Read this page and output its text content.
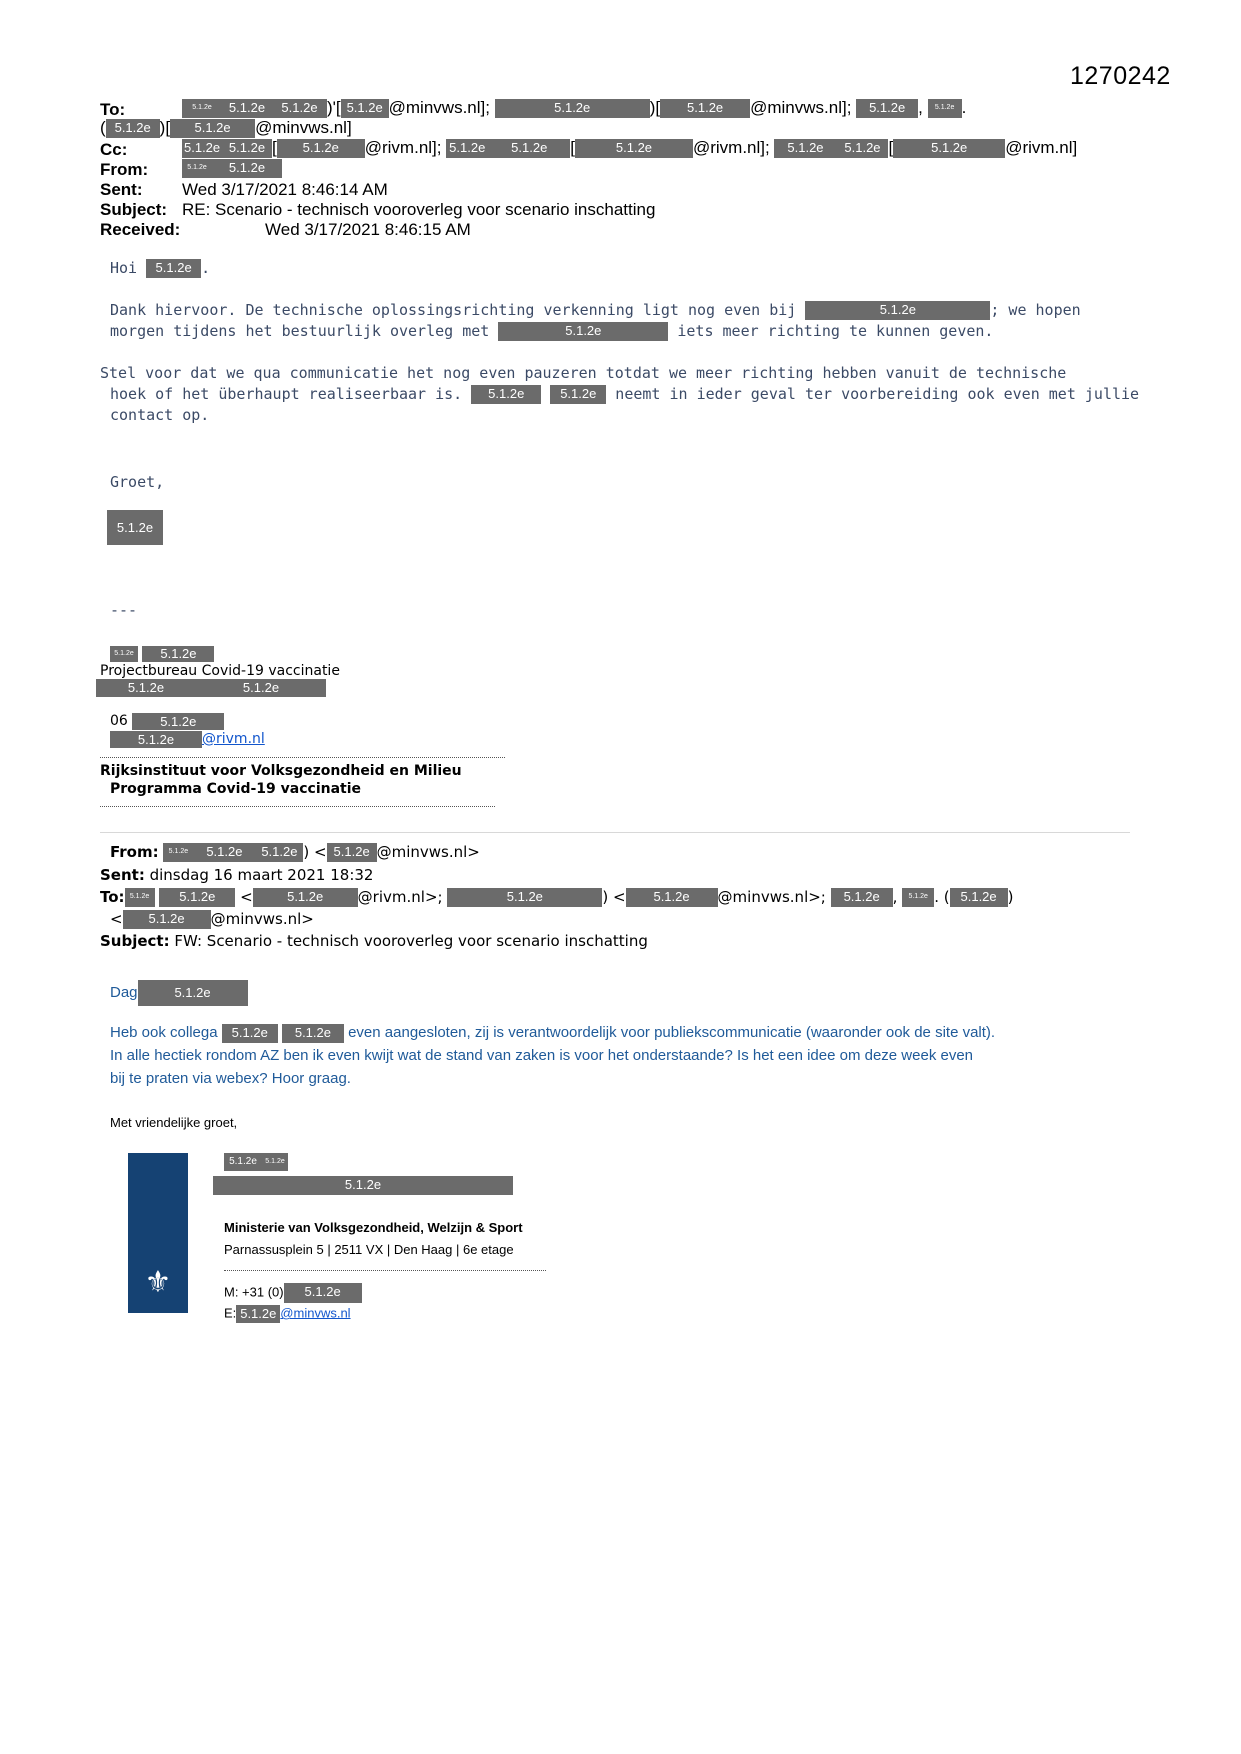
1270242
To:	5.1.2e 5.1.2e 5.1.2e )'[ 5.1.2e @minvws.nl];	5.1.2e	)[ 5.1.2e @minvws.nl]; 5.1.2e , 5.1.2e .
( 5.1.2e )[ 5.1.2e @minvws.nl]
Cc:	5.1.2e 5.1.2e [ 5.1.2e @rivm.nl]; 5.1.2e 5.1.2e [	5.1.2e @rivm.nl]; 5.1.2e 5.1.2e [	5.1.2e @rivm.nl]
From:	5.1.2e 5.1.2e
Sent: Wed 3/17/2021 8:46:14 AM
Subject: RE: Scenario - technisch vooroverleg voor scenario inschatting
Received:	Wed 3/17/2021 8:46:15 AM
Hoi 5.1.2e .
Dank hiervoor. De technische oplossingsrichting verkenning ligt nog even bij	5.1.2e	; we hopen
morgen tijdens het bestuurlijk overleg met	5.1.2e	iets meer richting te kunnen geven.
Stel voor dat we qua communicatie het nog even pauzeren totdat we meer richting hebben vanuit de technische
hoek of het überhaupt realiseerbaar is. 5.1.2e	5.1.2e neemt in ieder geval ter voorbereiding ook even met jullie
contact op.
Groet,
5.1.2e
---
5.1.2e 5.1.2e
Projectbureau Covid-19 vaccinatie
5.1.2e	5.1.2e
06 5.1.2e
5.1.2e @rivm.nl
Rijksinstituut voor Volksgezondheid en Milieu
Programma Covid-19 vaccinatie
From: 5.1.2e 5.1.2e 5.1.2e ) < 5.1.2e @minvws.nl>
Sent: dinsdag 16 maart 2021 18:32
To: 5.1.2e 5.1.2e <	5.1.2e @rivm.nl>;	5.1.2e	) < 5.1.2e @minvws.nl>; 5.1.2e , 5.1.2e . ( 5.1.2e )
< 5.1.2e @minvws.nl>
Subject: FW: Scenario - technisch vooroverleg voor scenario inschatting
Dag	5.1.2e
Heb ook collega 5.1.2e 5.1.2e even aangesloten, zij is verantwoordelijk voor publiekscommunicatie (waaronder ook de site valt).
In alle hectiek rondom AZ ben ik even kwijt wat de stand van zaken is voor het onderstaande? Is het een idee om deze week even
bij te praten via webex? Hoor graag.
Met vriendelijke groet,
⚜
5.1.2e 5.1.2e
5.1.2e
Ministerie van Volksgezondheid, Welzijn & Sport
Parnassusplein 5 | 2511 VX | Den Haag | 6e etage
M: +31 (0) 5.1.2e
E: 5.1.2e @minvws.nl
